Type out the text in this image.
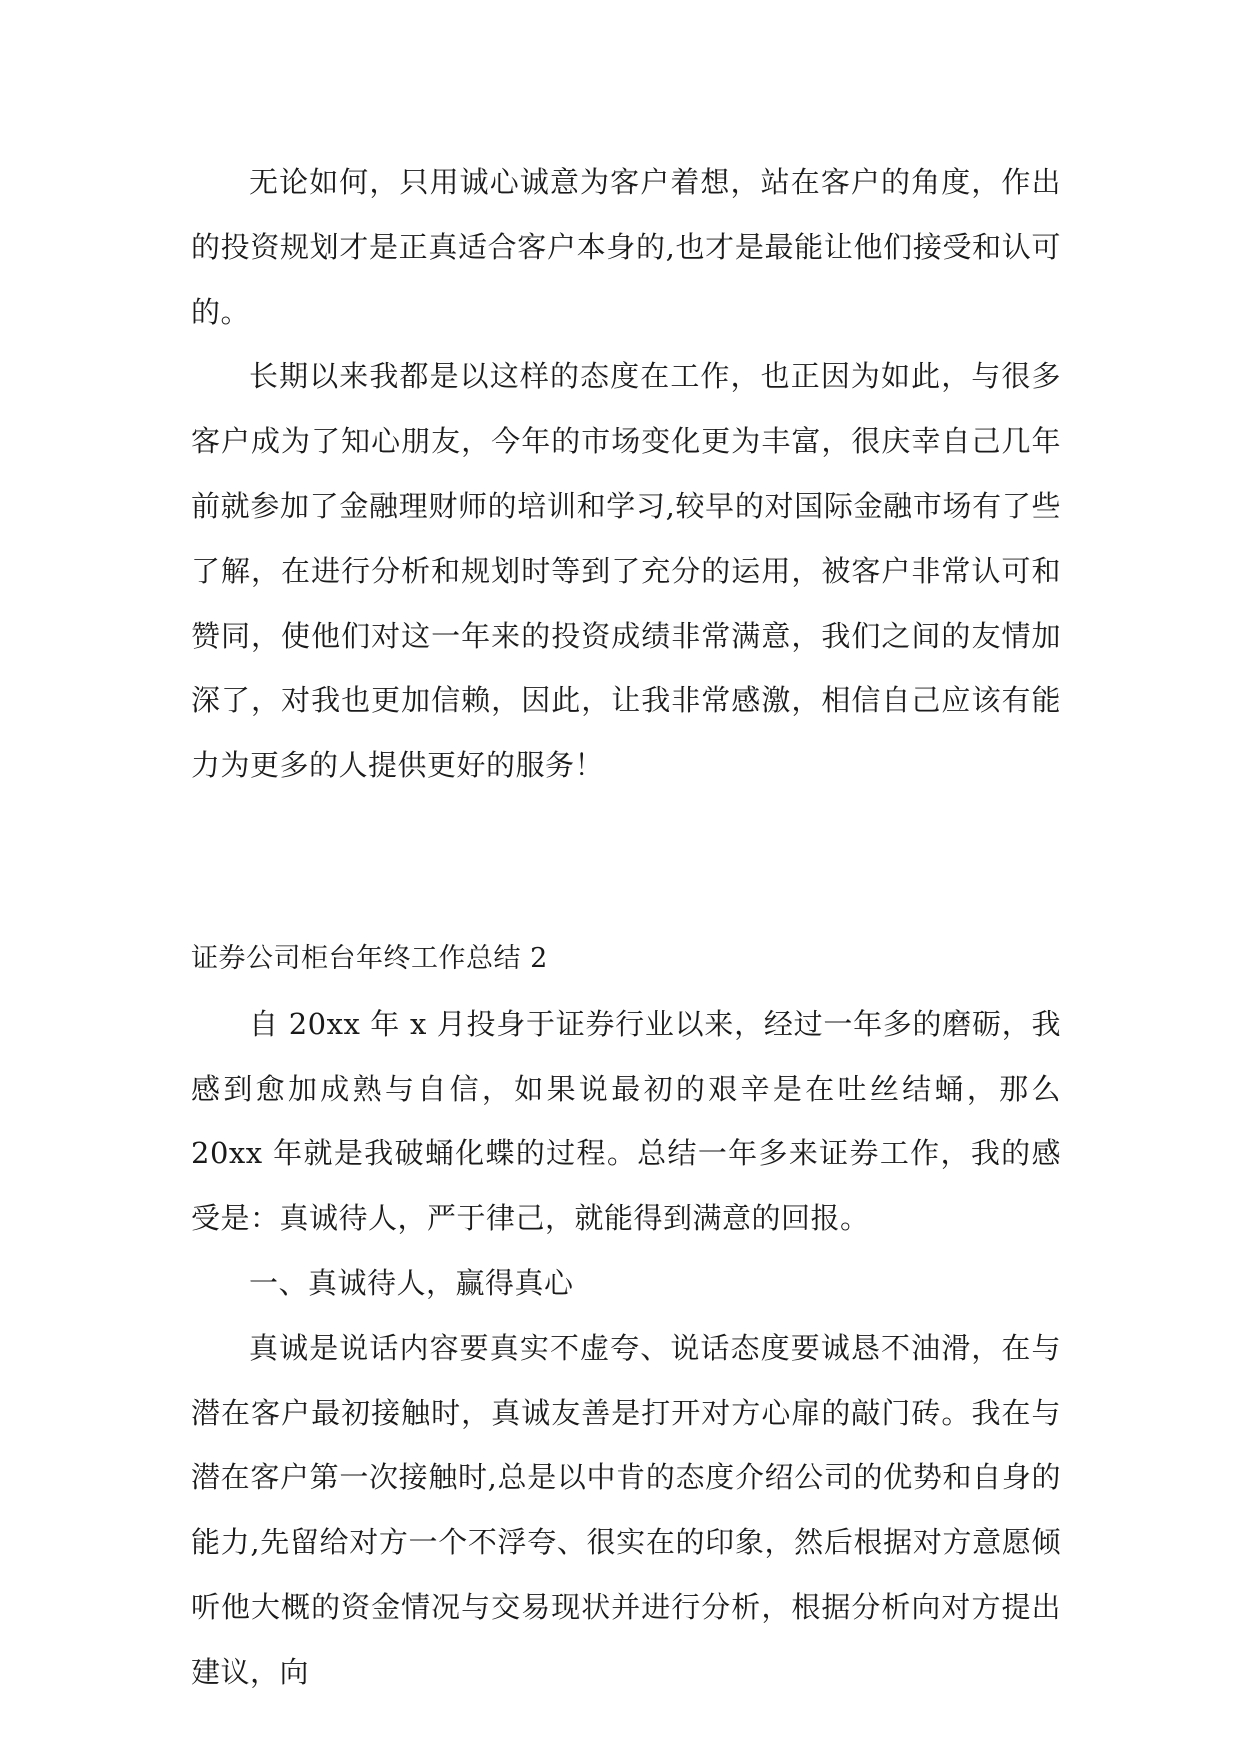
无论如何，只用诚心诚意为客户着想，站在客户的角度，作出的投资规划才是正真适合客户本身的,也才是最能让他们接受和认可的。

长期以来我都是以这样的态度在工作，也正因为如此，与很多客户成为了知心朋友，今年的市场变化更为丰富，很庆幸自己几年前就参加了金融理财师的培训和学习,较早的对国际金融市场有了些了解，在进行分析和规划时等到了充分的运用，被客户非常认可和赞同，使他们对这一年来的投资成绩非常满意，我们之间的友情加深了，对我也更加信赖，因此，让我非常感激，相信自己应该有能力为更多的人提供更好的服务！

证券公司柜台年终工作总结 2

自 20xx 年 x 月投身于证券行业以来，经过一年多的磨砺，我感到愈加成熟与自信，如果说最初的艰辛是在吐丝结蛹，那么 20xx 年就是我破蛹化蝶的过程。总结一年多来证券工作，我的感受是：真诚待人，严于律己，就能得到满意的回报。

一、真诚待人，赢得真心

真诚是说话内容要真实不虚夸、说话态度要诚恳不油滑，在与潜在客户最初接触时，真诚友善是打开对方心扉的敲门砖。我在与潜在客户第一次接触时,总是以中肯的态度介绍公司的优势和自身的能力,先留给对方一个不浮夸、很实在的印象，然后根据对方意愿倾听他大概的资金情况与交易现状并进行分析，根据分析向对方提出建议，向
